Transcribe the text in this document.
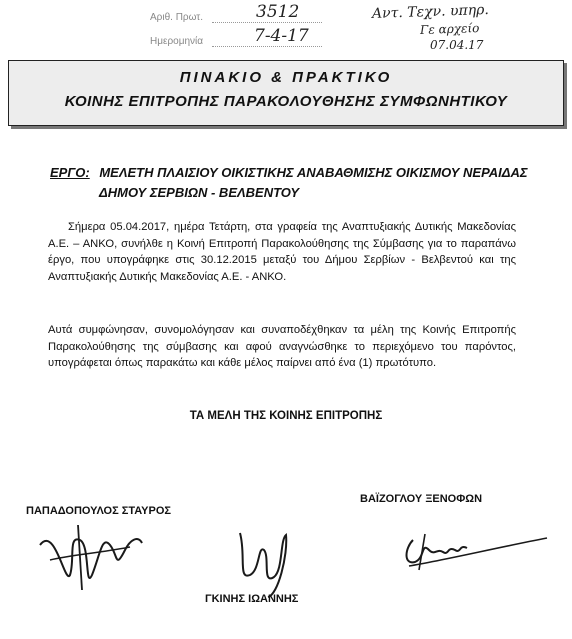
Αριθ. Πρωτ.	3512
Ημερομηνία	7-4-17
Αντ. Τεχν. υπηρ.
Γε αρχείο
07.04.17
ΠΙΝΑΚΙΟ & ΠΡΑΚΤΙΚΟ
ΚΟΙΝΗΣ ΕΠΙΤΡΟΠΗΣ ΠΑΡΑΚΟΛΟΥΘΗΣΗΣ ΣΥΜΦΩΝΗΤΙΚΟΥ
ΕΡΓΟ: ΜΕΛΕΤΗ ΠΛΑΙΣΙΟΥ ΟΙΚΙΣΤΙΚΗΣ ΑΝΑΒΑΘΜΙΣΗΣ ΟΙΚΙΣΜΟΥ ΝΕΡΑΙΔΑΣ
ΔΗΜΟΥ ΣΕΡΒΙΩΝ - ΒΕΛΒΕΝΤΟΥ
Σήμερα 05.04.2017, ημέρα Τετάρτη, στα γραφεία της Αναπτυξιακής Δυτικής Μακεδονίας Α.Ε. – ΑΝΚΟ, συνήλθε η Κοινή Επιτροπή Παρακολούθησης της Σύμβασης για το παραπάνω έργο, που υπογράφηκε στις 30.12.2015 μεταξύ του Δήμου Σερβίων - Βελβεντού και της Αναπτυξιακής Δυτικής Μακεδονίας Α.Ε. - ΑΝΚΟ.
Αυτά συμφώνησαν, συνομολόγησαν και συναποδέχθηκαν τα μέλη της Κοινής Επιτροπής Παρακολούθησης της σύμβασης και αφού αναγνώσθηκε το περιεχόμενο του παρόντος, υπογράφεται όπως παρακάτω και κάθε μέλος παίρνει από ένα (1) πρωτότυπο.
ΤΑ ΜΕΛΗ ΤΗΣ ΚΟΙΝΗΣ ΕΠΙΤΡΟΠΗΣ
ΠΑΠΑΔΟΠΟΥΛΟΣ ΣΤΑΥΡΟΣ
ΒΑΪΖΟΓΛΟΥ ΞΕΝΟΦΩΝ
ΓΚΙΝΗΣ ΙΩΑΝΝΗΣ
